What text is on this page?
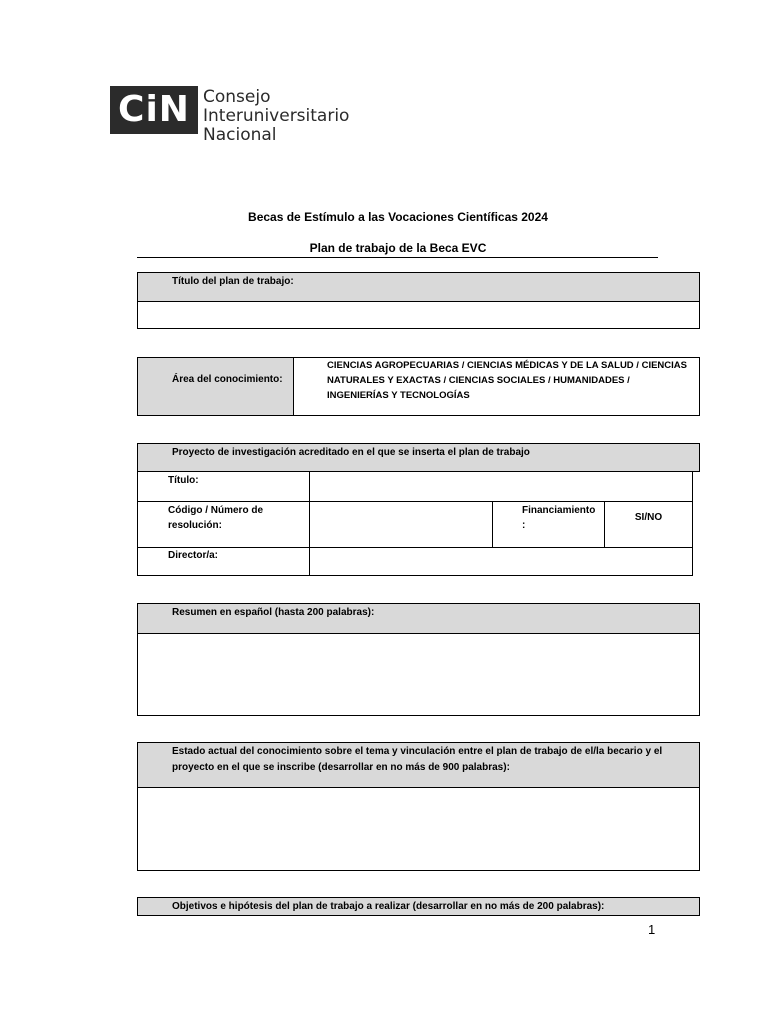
CiN Consejo
Interuniversitario
Nacional
Becas de Estímulo a las Vocaciones Científicas 2024
Plan de trabajo de la Beca EVC
Título del plan de trabajo:
Área del conocimiento:
CIENCIAS AGROPECUARIAS / CIENCIAS MÉDICAS Y DE LA SALUD / CIENCIAS
NATURALES Y EXACTAS / CIENCIAS SOCIALES / HUMANIDADES /
INGENIERÍAS Y TECNOLOGÍAS
Proyecto de investigación acreditado en el que se inserta el plan de trabajo
Título:
Código / Número de
resolución:
Financiamiento
:
SI/NO
Director/a:
Resumen en español (hasta 200 palabras):
Estado actual del conocimiento sobre el tema y vinculación entre el plan de trabajo de el/la becario y el
proyecto en el que se inscribe (desarrollar en no más de 900 palabras):
Objetivos e hipótesis del plan de trabajo a realizar (desarrollar en no más de 200 palabras):
1
